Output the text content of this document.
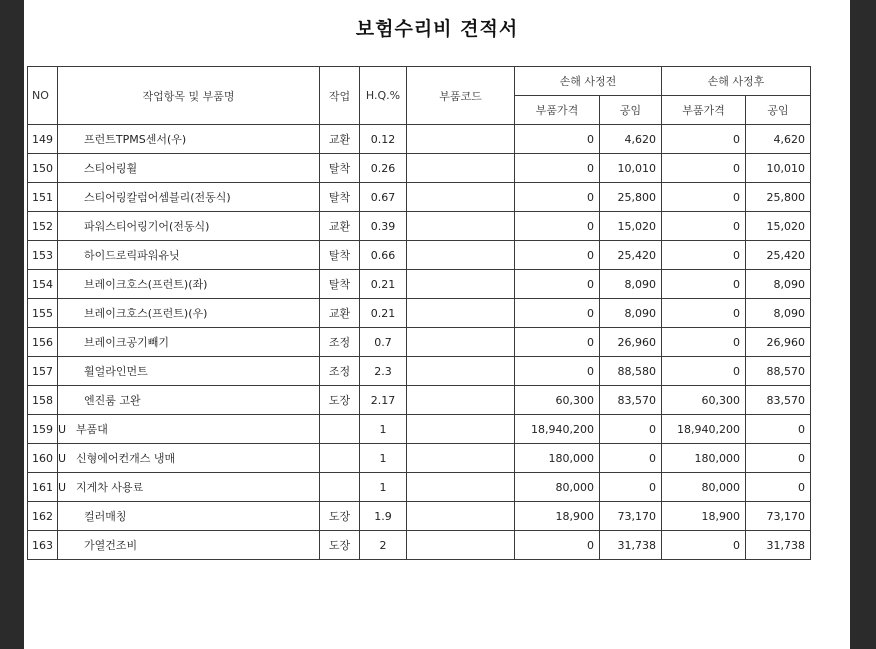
보험수리비 견적서
NO	작업항목 및 부품명	작업	H.Q.%	부품코드	손해 사정전		손해 사정후	
					부품가격	공임	부품가격	공임
149	프런트TPMS센서(우)	교환	0.12		0	4,620	0	4,620
150	스티어링휠	탈착	0.26		0	10,010	0	10,010
151	스티어링칼럼어셈블리(전동식)	탈착	0.67		0	25,800	0	25,800
152	파워스티어링기어(전동식)	교환	0.39		0	15,020	0	15,020
153	하이드로릭파워유닛	탈착	0.66		0	25,420	0	25,420
154	브레이크호스(프런트)(좌)	탈착	0.21		0	8,090	0	8,090
155	브레이크호스(프런트)(우)	교환	0.21		0	8,090	0	8,090
156	브레이크공기빼기	조정	0.7		0	26,960	0	26,960
157	휠얼라인먼트	조정	2.3		0	88,580	0	88,570
158	엔진룸 고완	도장	2.17		60,300	83,570	60,300	83,570
159	U 부품대		1		18,940,200	0	18,940,200	0
160	U 신형에어컨개스 냉매		1		180,000	0	180,000	0
161	U 지게차 사용료		1		80,000	0	80,000	0
162	컬러매칭	도장	1.9		18,900	73,170	18,900	73,170
163	가열건조비	도장	2		0	31,738	0	31,738
